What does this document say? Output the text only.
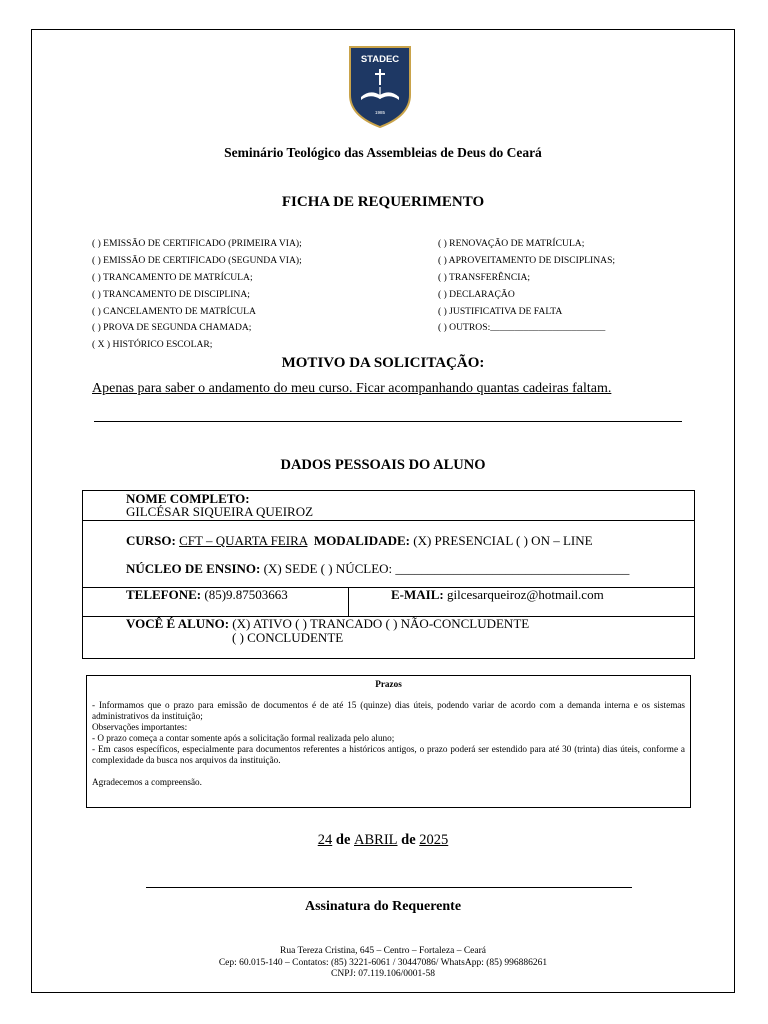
STADEC
1985
Seminário Teológico das Assembleias de Deus do Ceará
FICHA DE REQUERIMENTO
( ) EMISSÃO DE CERTIFICADO (PRIMEIRA VIA);
( ) EMISSÃO DE CERTIFICADO (SEGUNDA VIA);
( ) TRANCAMENTO DE MATRÍCULA;
( ) TRANCAMENTO DE DISCIPLINA;
( ) CANCELAMENTO DE MATRÍCULA
( ) PROVA DE SEGUNDA CHAMADA;
( X ) HISTÓRICO ESCOLAR;
( ) RENOVAÇÃO DE MATRÍCULA;
( ) APROVEITAMENTO DE DISCIPLINAS;
( ) TRANSFERÊNCIA;
( ) DECLARAÇÃO
( ) JUSTIFICATIVA DE FALTA
( ) OUTROS:________________________
MOTIVO DA SOLICITAÇÃO:
Apenas para saber o andamento do meu curso. Ficar acompanhando quantas cadeiras faltam.
DADOS PESSOAIS DO ALUNO
NOME COMPLETO:
GILCÉSAR SIQUEIRA QUEIROZ
CURSO: CFT – QUARTA FEIRA MODALIDADE: (X) PRESENCIAL ( ) ON – LINE
NÚCLEO DE ENSINO: (X) SEDE ( ) NÚCLEO: ____________________________________
TELEFONE: (85)9.87503663	E-MAIL: gilcesarqueiroz@hotmail.com
VOCÊ É ALUNO: (X) ATIVO ( ) TRANCADO ( ) NÃO-CONCLUDENTE
( ) CONCLUDENTE
Prazos

- Informamos que o prazo para emissão de documentos é de até 15 (quinze) dias úteis, podendo variar de acordo com a demanda interna e os sistemas administrativos da instituição;

Observações importantes:

- O prazo começa a contar somente após a solicitação formal realizada pelo aluno;

- Em casos específicos, especialmente para documentos referentes a históricos antigos, o prazo poderá ser estendido para até 30 (trinta) dias úteis, conforme a complexidade da busca nos arquivos da instituição.

Agradecemos a compreensão.

24 de ABRIL de 2025
Assinatura do Requerente
Rua Tereza Cristina, 645 – Centro – Fortaleza – Ceará
Cep: 60.015-140 – Contatos: (85) 3221-6061 / 30447086/ WhatsApp: (85) 996886261
CNPJ: 07.119.106/0001-58
